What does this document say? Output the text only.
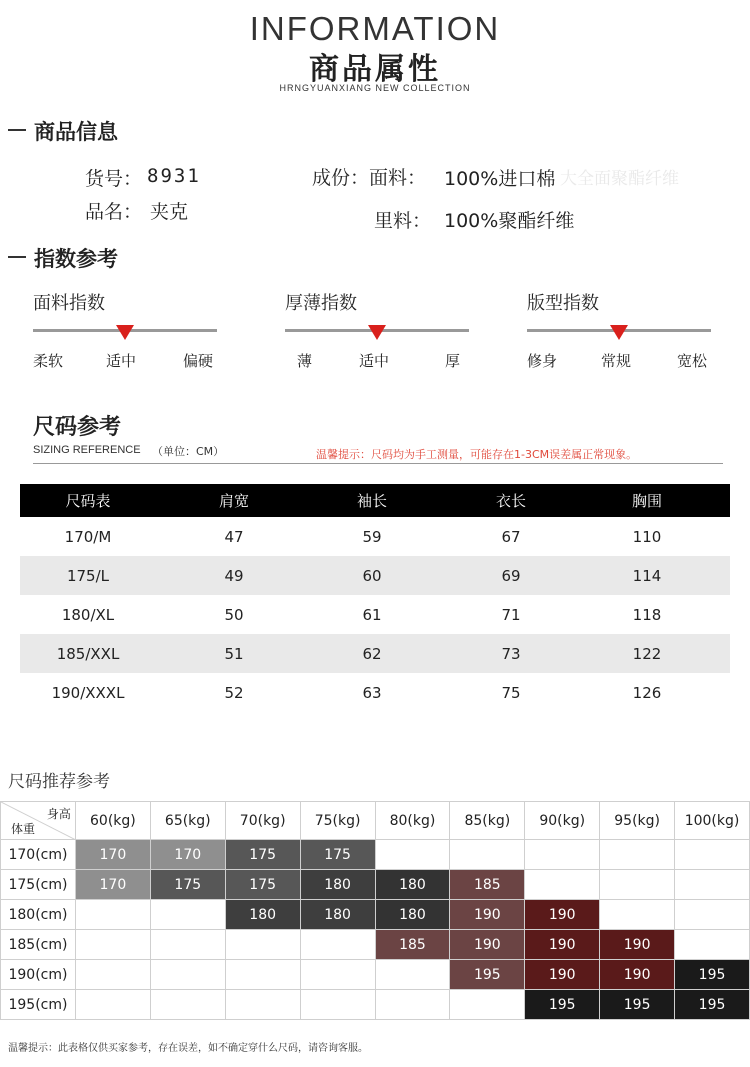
INFORMATION
商品属性
HRNGYUANXIANG NEW COLLECTION
商品信息
货号： 8931
品名： 夹克
成份：面料：	大全面聚酯纤维
100%进口棉
里料： 100%聚酯纤维
指数参考
面料指数
柔软	适中	偏硬
厚薄指数
薄	适中	厚
版型指数
修身	常规	宽松
尺码参考
SIZING REFERENCE （单位：CM）	温馨提示：尺码均为手工测量，可能存在1-3CM误差属正常现象。
尺码表	肩宽	袖长	衣长	胸围
170/M	47	59	67	110
175/L	49	60	69	114
180/XL	50	61	71	118
185/XXL	51	62	73	122
190/XXXL	52	63	75	126
尺码推荐参考
身高
体重	60(kg)	65(kg)	70(kg)	75(kg)	80(kg)	85(kg)	90(kg)	95(kg)	100(kg)
170(cm)	170	170	175	175					
175(cm)	170	175	175	180	180	185			
180(cm)			180	180	180	190	190		
185(cm)					185	190	190	190	
190(cm)						195	190	190	195
195(cm)							195	195	195
温馨提示：此表格仅供买家参考，存在误差，如不确定穿什么尺码，请咨询客服。
